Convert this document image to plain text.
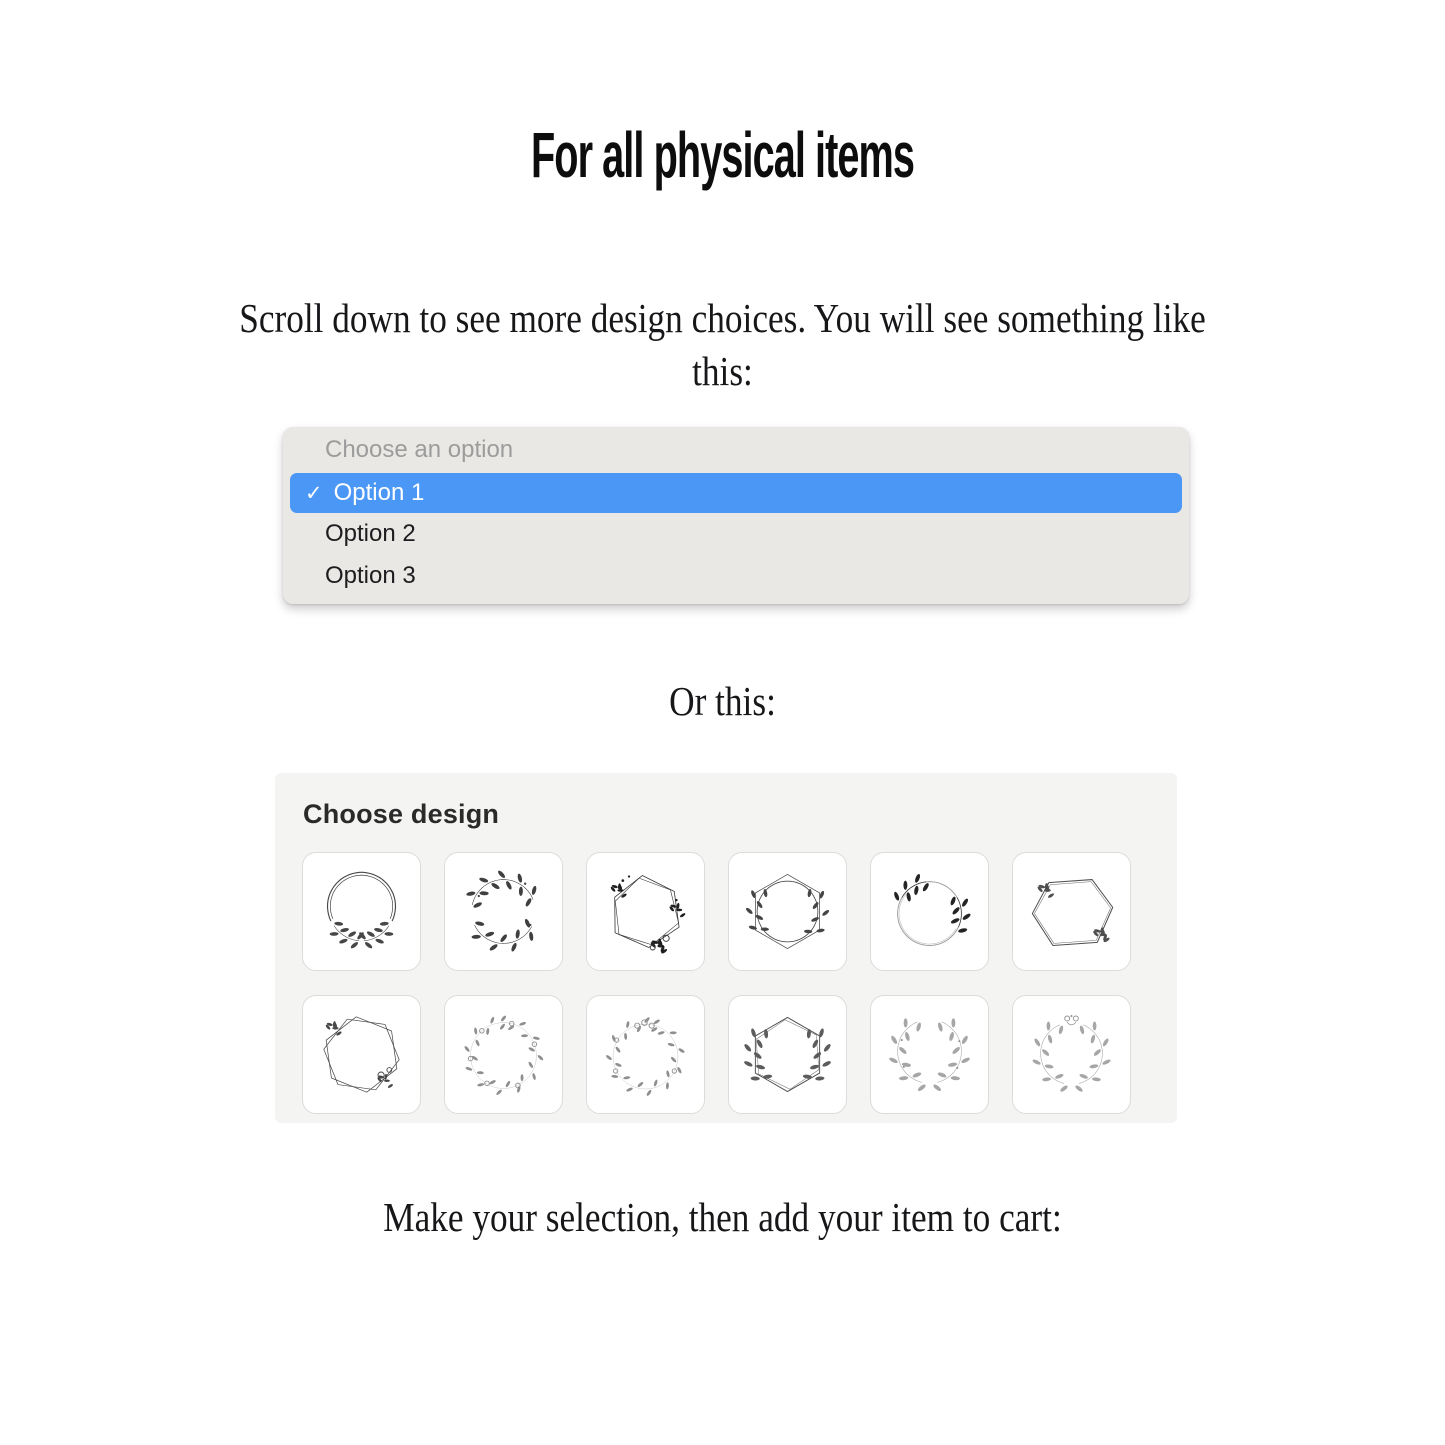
For all physical items
Scroll down to see more design choices. You will see something like
this:
Choose an option
✓ Option 1
Option 2
Option 3
Or this:
Choose design
Make your selection, then add your item to cart:
